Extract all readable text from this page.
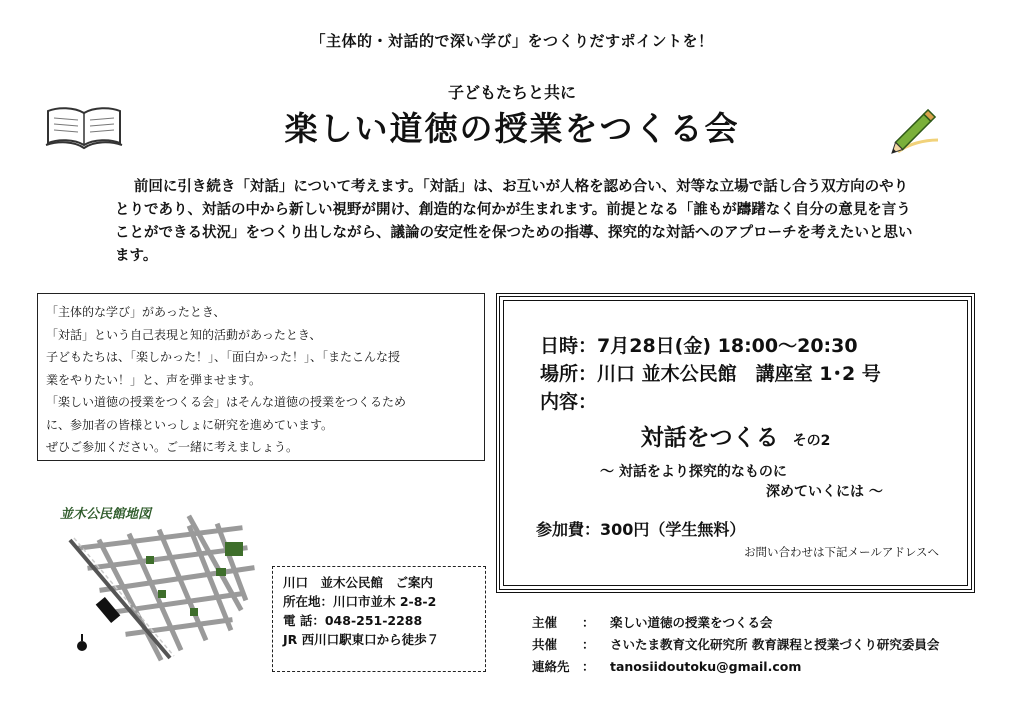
「主体的・対話的で深い学び」をつくりだすポイントを！
子どもたちと共に
楽しい道徳の授業をつくる会
前回に引き続き「対話」について考えます。「対話」は、お互いが人格を認め合い、対等な立場で話し合う双方向のやりとりであり、対話の中から新しい視野が開け、創造的な何かが生まれます。前提となる「誰もが躊躇なく自分の意見を言うことができる状況」をつくり出しながら、議論の安定性を保つための指導、探究的な対話へのアプローチを考えたいと思います。
「主体的な学び」があったとき、
「対話」という自己表現と知的活動があったとき、
子どもたちは、「楽しかった！」、「面白かった！」、「またこんな授
業をやりたい！」と、声を弾ませます。
「楽しい道徳の授業をつくる会」はそんな道徳の授業をつくるため
に、参加者の皆様といっしょに研究を進めています。
ぜひご参加ください。ご一緒に考えましょう。
日時：7月28日(金) 18:00～20:30
場所：川口 並木公民館　講座室 1･2 号
内容：
対話をつくる その2
～ 対話をより探究的なものに
深めていくには ～
参加費：300円（学生無料）
お問い合わせは下記メールアドレスへ
並木公民館地図
川口　並木公民館　ご案内
所在地：川口市並木 2-8-2
電 話：048-251-2288
JR 西川口駅東口から徒歩７
主催 ： 楽しい道徳の授業をつくる会
共催 ： さいたま教育文化研究所 教育課程と授業づくり研究委員会
連絡先 ： tanosiidoutoku@gmail.com
